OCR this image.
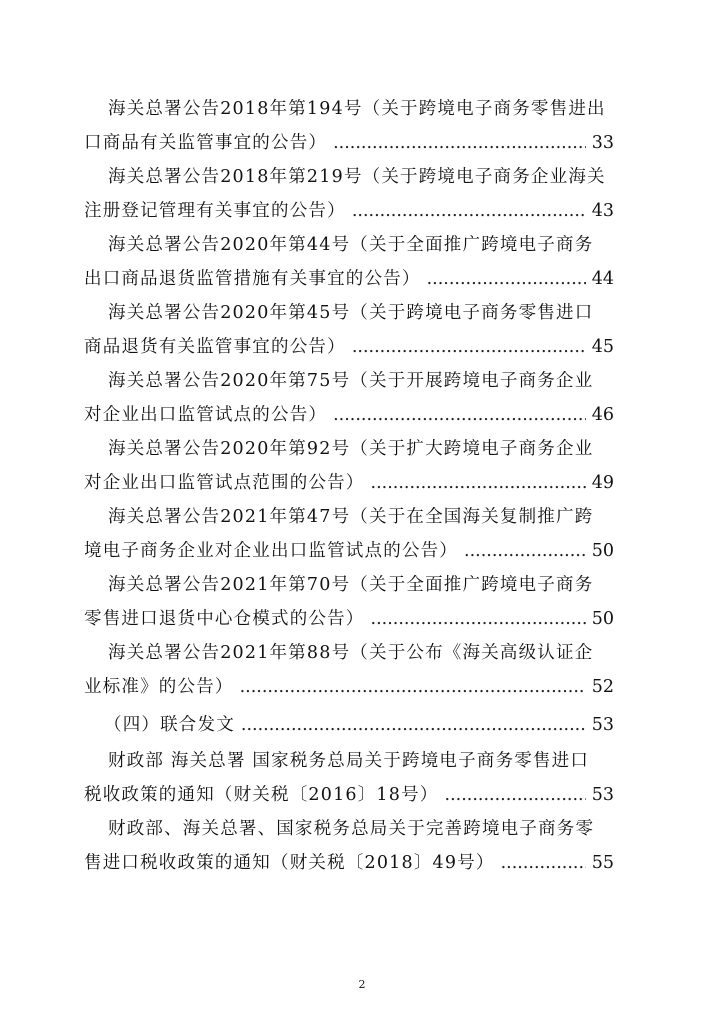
海关总署公告2018年第194号（关于跨境电子商务零售进出
口商品有关监管事宜的公告） .....	33
海关总署公告2018年第219号（关于跨境电子商务企业海关
注册登记管理有关事宜的公告） .....	43
海关总署公告2020年第44号（关于全面推广跨境电子商务
出口商品退货监管措施有关事宜的公告） .....	44
海关总署公告2020年第45号（关于跨境电子商务零售进口
商品退货有关监管事宜的公告） .....	45
海关总署公告2020年第75号（关于开展跨境电子商务企业
对企业出口监管试点的公告） .....	46
海关总署公告2020年第92号（关于扩大跨境电子商务企业
对企业出口监管试点范围的公告） .....	49
海关总署公告2021年第47号（关于在全国海关复制推广跨
境电子商务企业对企业出口监管试点的公告） .....	50
海关总署公告2021年第70号（关于全面推广跨境电子商务
零售进口退货中心仓模式的公告） .....	50
海关总署公告2021年第88号（关于公布《海关高级认证企
业标准》的公告） .....	52
（四）联合发文 .....	53
财政部 海关总署 国家税务总局关于跨境电子商务零售进口
税收政策的通知（财关税〔2016〕18号） .....	53
财政部、海关总署、国家税务总局关于完善跨境电子商务零
售进口税收政策的通知（财关税〔2018〕49号） .....	55
2
